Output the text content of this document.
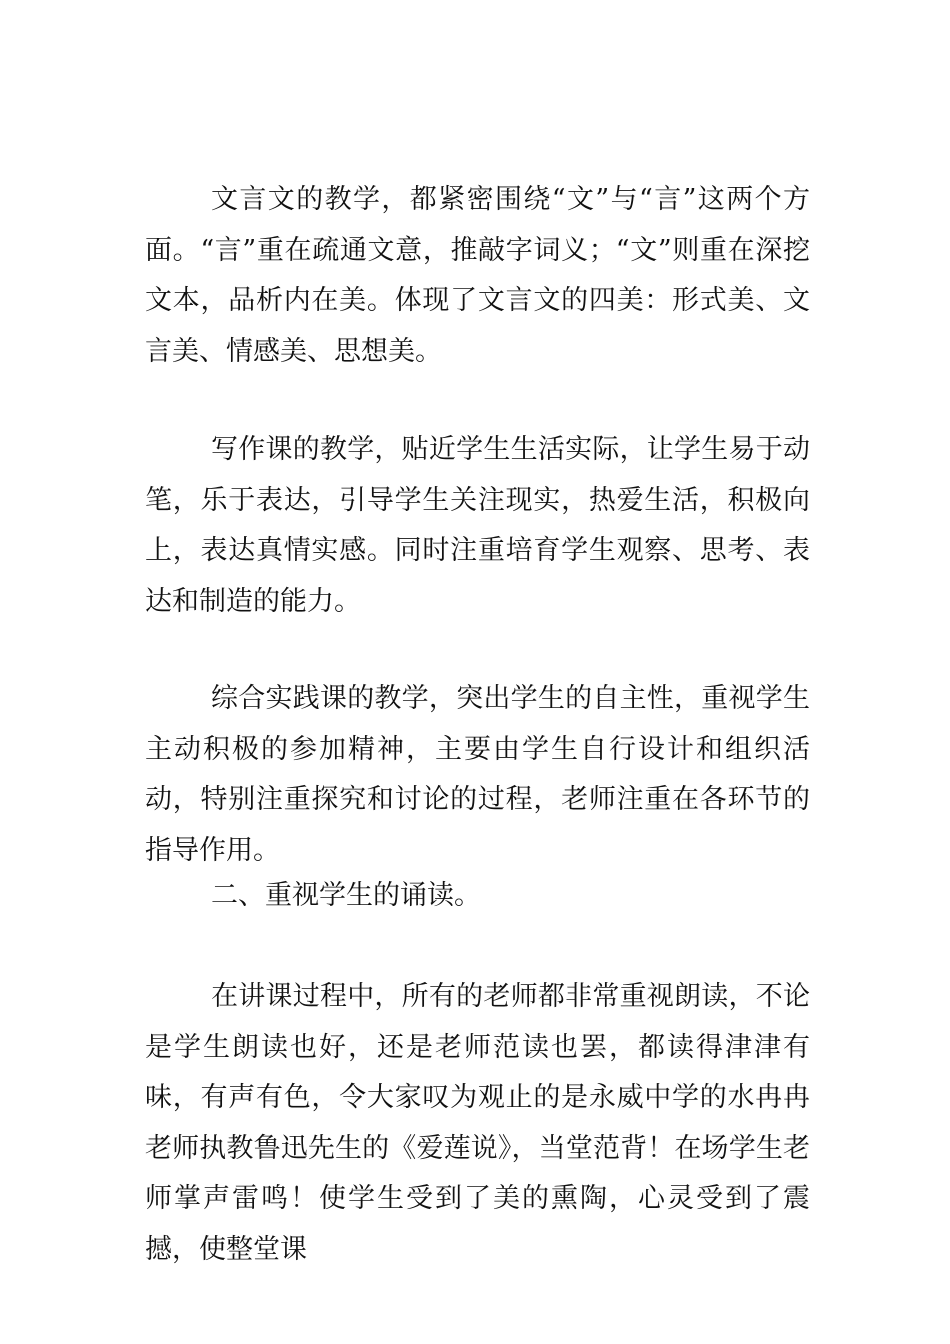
文言文的教学，都紧密围绕“文”与“言”这两个方面。“言”重在疏通文意，推敲字词义；“文”则重在深挖文本，品析内在美。体现了文言文的四美：形式美、文言美、情感美、思想美。

写作课的教学，贴近学生生活实际，让学生易于动笔，乐于表达，引导学生关注现实，热爱生活，积极向上，表达真情实感。同时注重培育学生观察、思考、表达和制造的能力。

综合实践课的教学，突出学生的自主性，重视学生主动积极的参加精神，主要由学生自行设计和组织活动，特别注重探究和讨论的过程，老师注重在各环节的指导作用。

二、重视学生的诵读。

在讲课过程中，所有的老师都非常重视朗读，不论是学生朗读也好，还是老师范读也罢，都读得津津有味，有声有色，令大家叹为观止的是永威中学的水冉冉老师执教鲁迅先生的《爱莲说》，当堂范背！在场学生老师掌声雷鸣！使学生受到了美的熏陶，心灵受到了震撼，使整堂课
